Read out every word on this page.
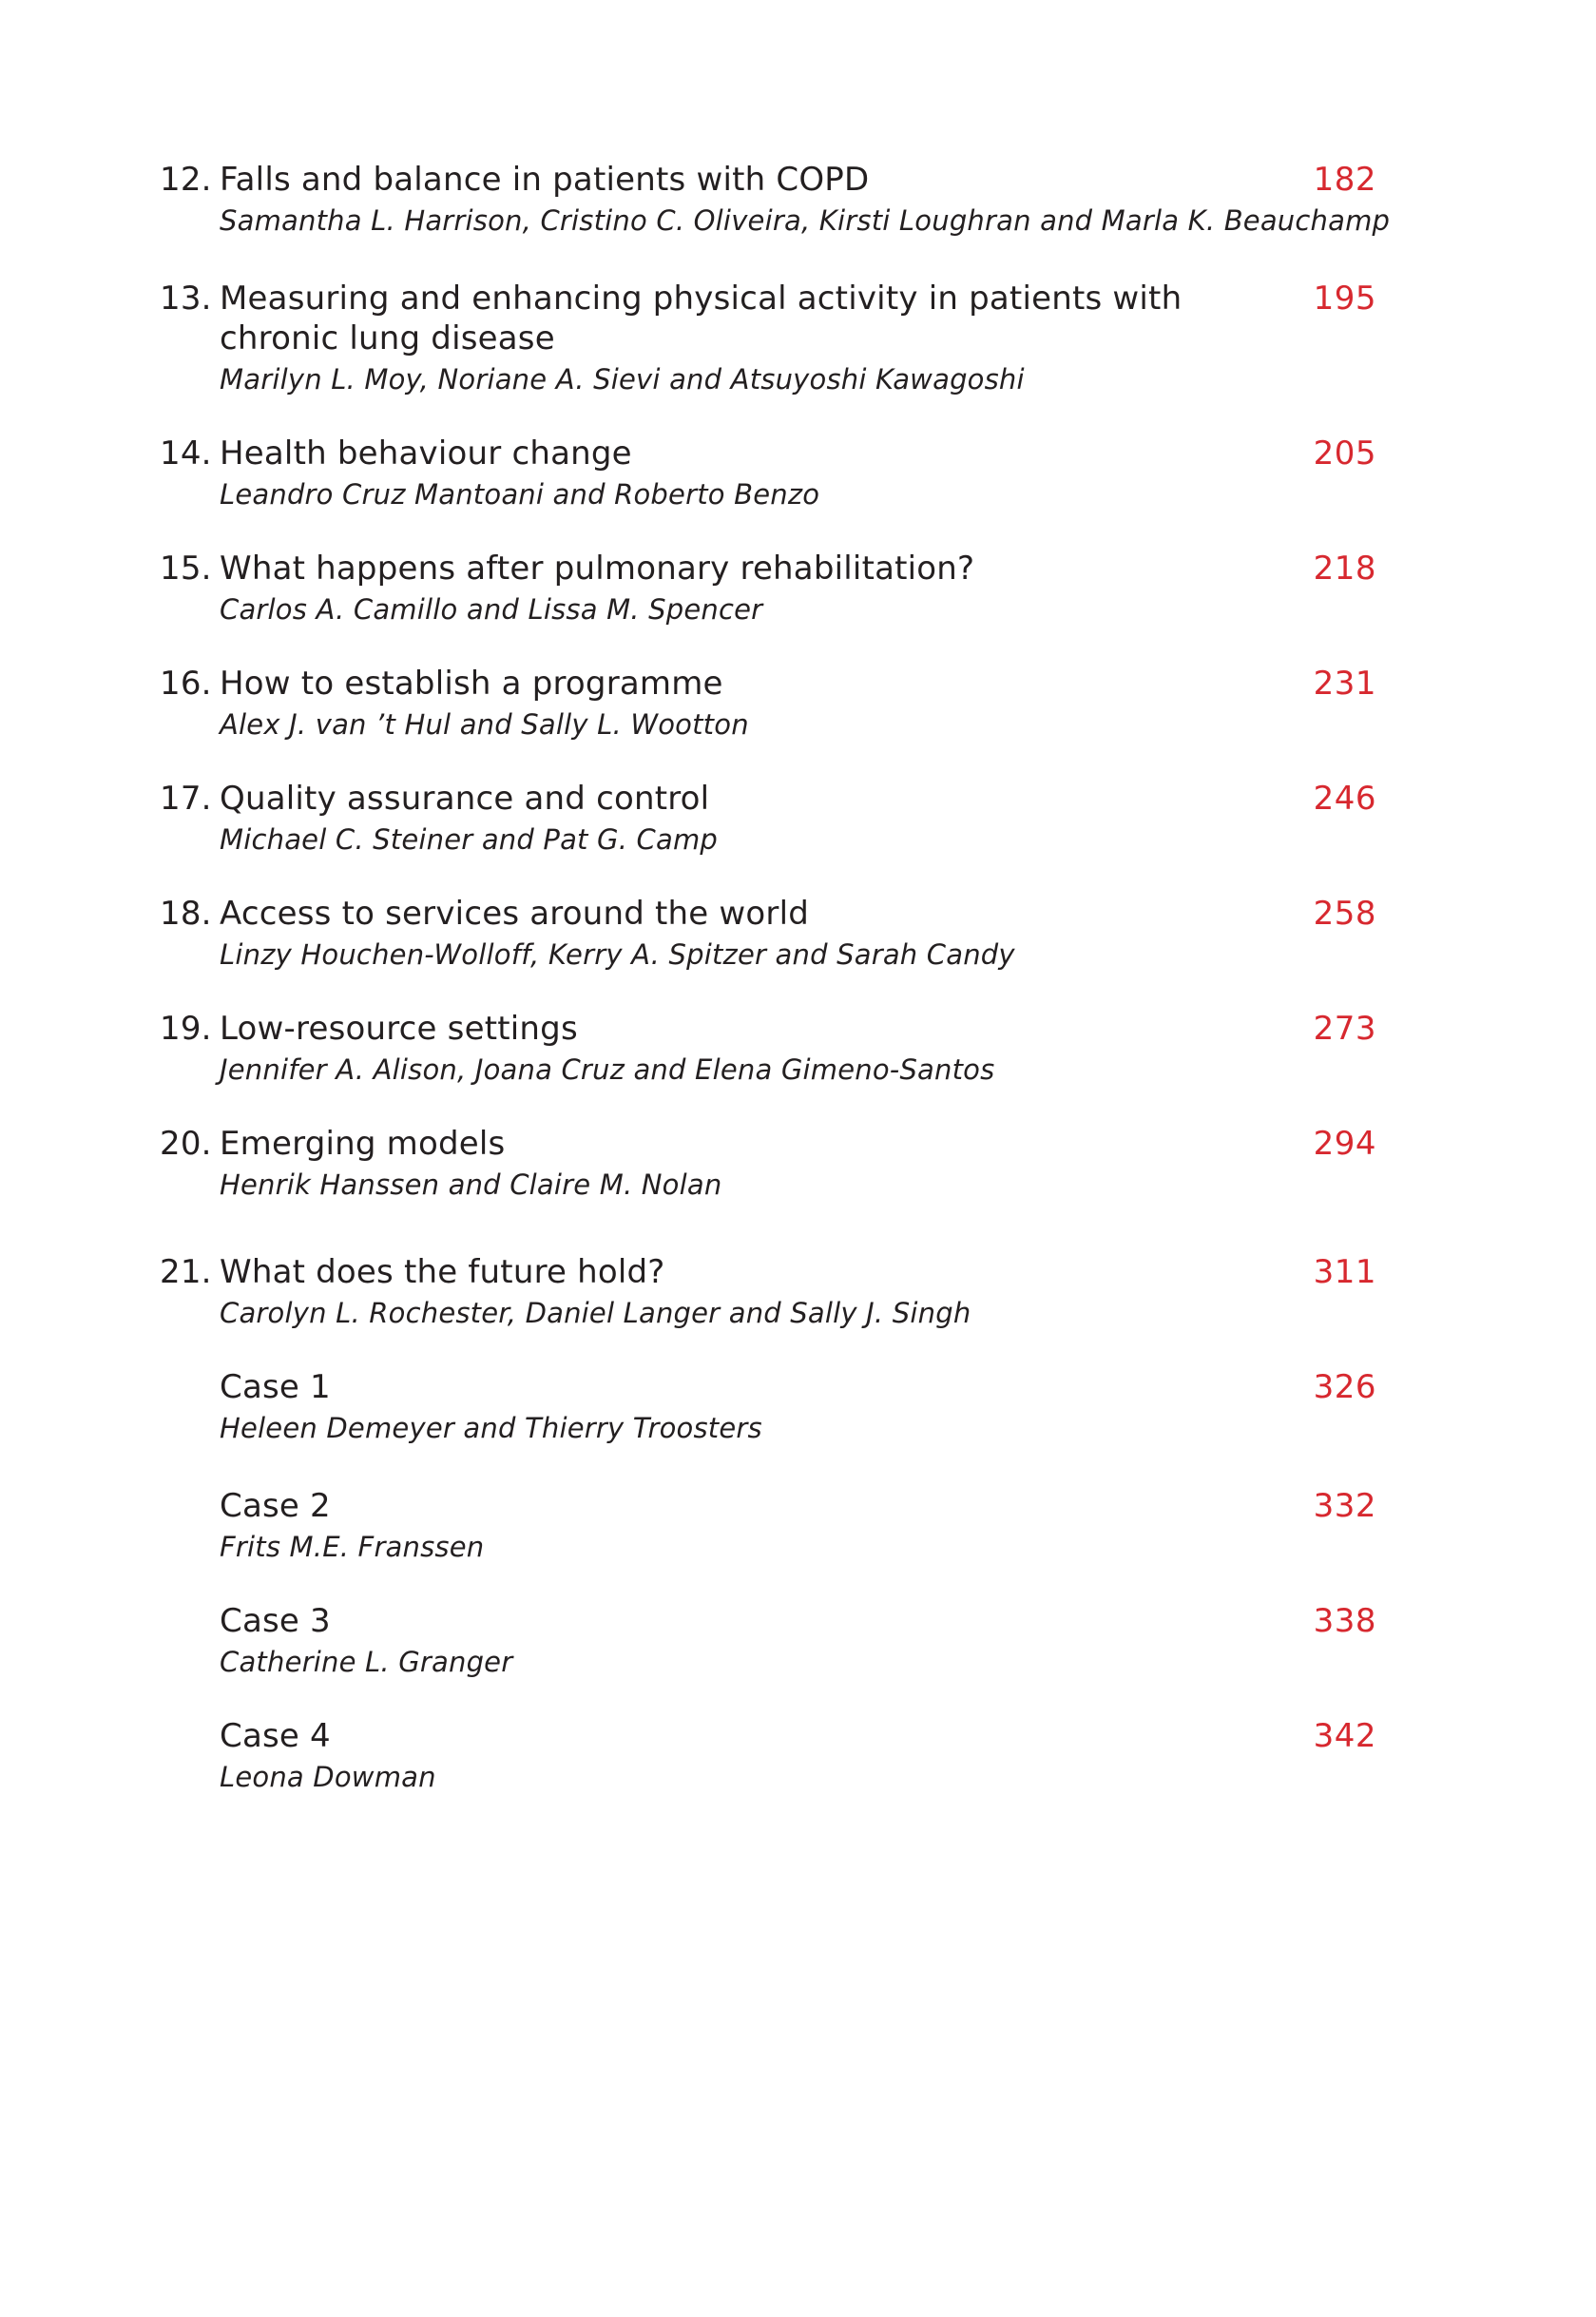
12. Falls and balance in patients with COPD
Samantha L. Harrison, Cristino C. Oliveira, Kirsti Loughran and Marla K. Beauchamp
182
13. Measuring and enhancing physical activity in patients with
chronic lung disease
Marilyn L. Moy, Noriane A. Sievi and Atsuyoshi Kawagoshi
195
14. Health behaviour change
Leandro Cruz Mantoani and Roberto Benzo
205
15. What happens after pulmonary rehabilitation?
Carlos A. Camillo and Lissa M. Spencer
218
16. How to establish a programme
Alex J. van ’t Hul and Sally L. Wootton
231
17. Quality assurance and control
Michael C. Steiner and Pat G. Camp
246
18. Access to services around the world
Linzy Houchen-Wolloff, Kerry A. Spitzer and Sarah Candy
258
19. Low-resource settings
Jennifer A. Alison, Joana Cruz and Elena Gimeno-Santos
273
20. Emerging models
Henrik Hanssen and Claire M. Nolan
294
21. What does the future hold?
Carolyn L. Rochester, Daniel Langer and Sally J. Singh
311
Case 1
Heleen Demeyer and Thierry Troosters
326
Case 2
Frits M.E. Franssen
332
Case 3
Catherine L. Granger
338
Case 4
Leona Dowman
342
